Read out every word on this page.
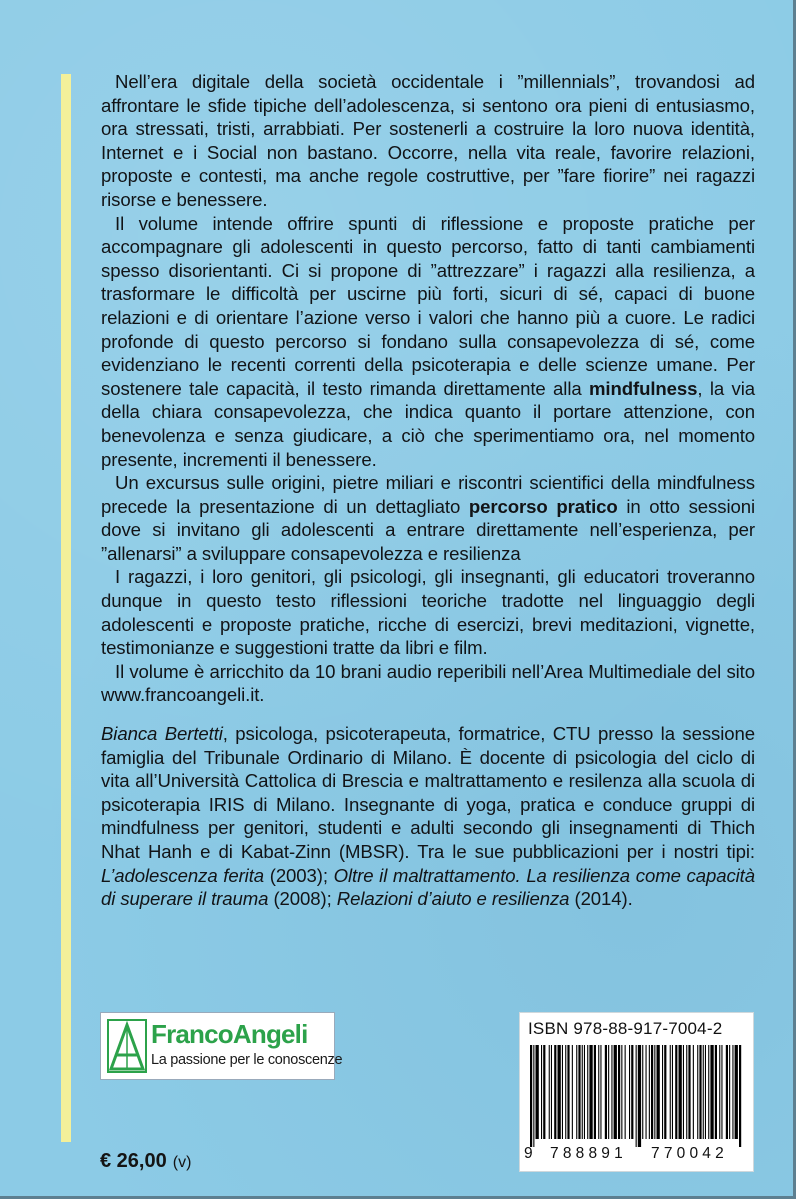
Nell’era digitale della società occidentale i ”millennials”, trovandosi ad affrontare le sfide tipiche dell’adolescenza, si sentono ora pieni di entusiasmo, ora stressati, tristi, arrabbiati. Per sostenerli a costruire la loro nuova identità, Internet e i Social non bastano. Occorre, nella vita reale, favorire relazioni, proposte e contesti, ma anche regole costruttive, per ”fare fiorire” nei ragazzi risorse e benessere.

Il volume intende offrire spunti di riflessione e proposte pratiche per accompagnare gli adolescenti in questo percorso, fatto di tanti cambiamenti spesso disorientanti. Ci si propone di ”attrezzare” i ragazzi alla resilienza, a trasformare le difficoltà per uscirne più forti, sicuri di sé, capaci di buone relazioni e di orientare l’azione verso i valori che hanno più a cuore. Le radici profonde di questo percorso si fondano sulla consapevolezza di sé, come evidenziano le recenti correnti della psicoterapia e delle scienze umane. Per sostenere tale capacità, il testo rimanda direttamente alla mindfulness, la via della chiara consapevolezza, che indica quanto il portare attenzione, con benevolenza e senza giudicare, a ciò che sperimentiamo ora, nel momento presente, incrementi il benessere.

Un excursus sulle origini, pietre miliari e riscontri scientifici della mindfulness precede la presentazione di un dettagliato percorso pratico in otto sessioni dove si invitano gli adolescenti a entrare direttamente nell’esperienza, per ”allenarsi” a sviluppare consapevolezza e resilienza

I ragazzi, i loro genitori, gli psicologi, gli insegnanti, gli educatori troveranno dunque in questo testo riflessioni teoriche tradotte nel linguaggio degli adolescenti e proposte pratiche, ricche di esercizi, brevi meditazioni, vignette, testimonianze e suggestioni tratte da libri e film.

Il volume è arricchito da 10 brani audio reperibili nell’Area Multimediale del sito www.francoangeli.it.

Bianca Bertetti, psicologa, psicoterapeuta, formatrice, CTU presso la sessione famiglia del Tribunale Ordinario di Milano. È docente di psicologia del ciclo di vita all’Università Cattolica di Brescia e maltrattamento e resilenza alla scuola di psicoterapia IRIS di Milano. Insegnante di yoga, pratica e conduce gruppi di mindfulness per genitori, studenti e adulti secondo gli insegnamenti di Thich Nhat Hanh e di Kabat-Zinn (MBSR). Tra le sue pubblicazioni per i nostri tipi: L’adolescenza ferita (2003); Oltre il maltrattamento. La resilienza come capacità di superare il trauma (2008); Relazioni d’aiuto e resilienza (2014).

FrancoAngeli
La passione per le conoscenze
€ 26,00 (v)
ISBN 978-88-917-7004-2
9 788891 770042
